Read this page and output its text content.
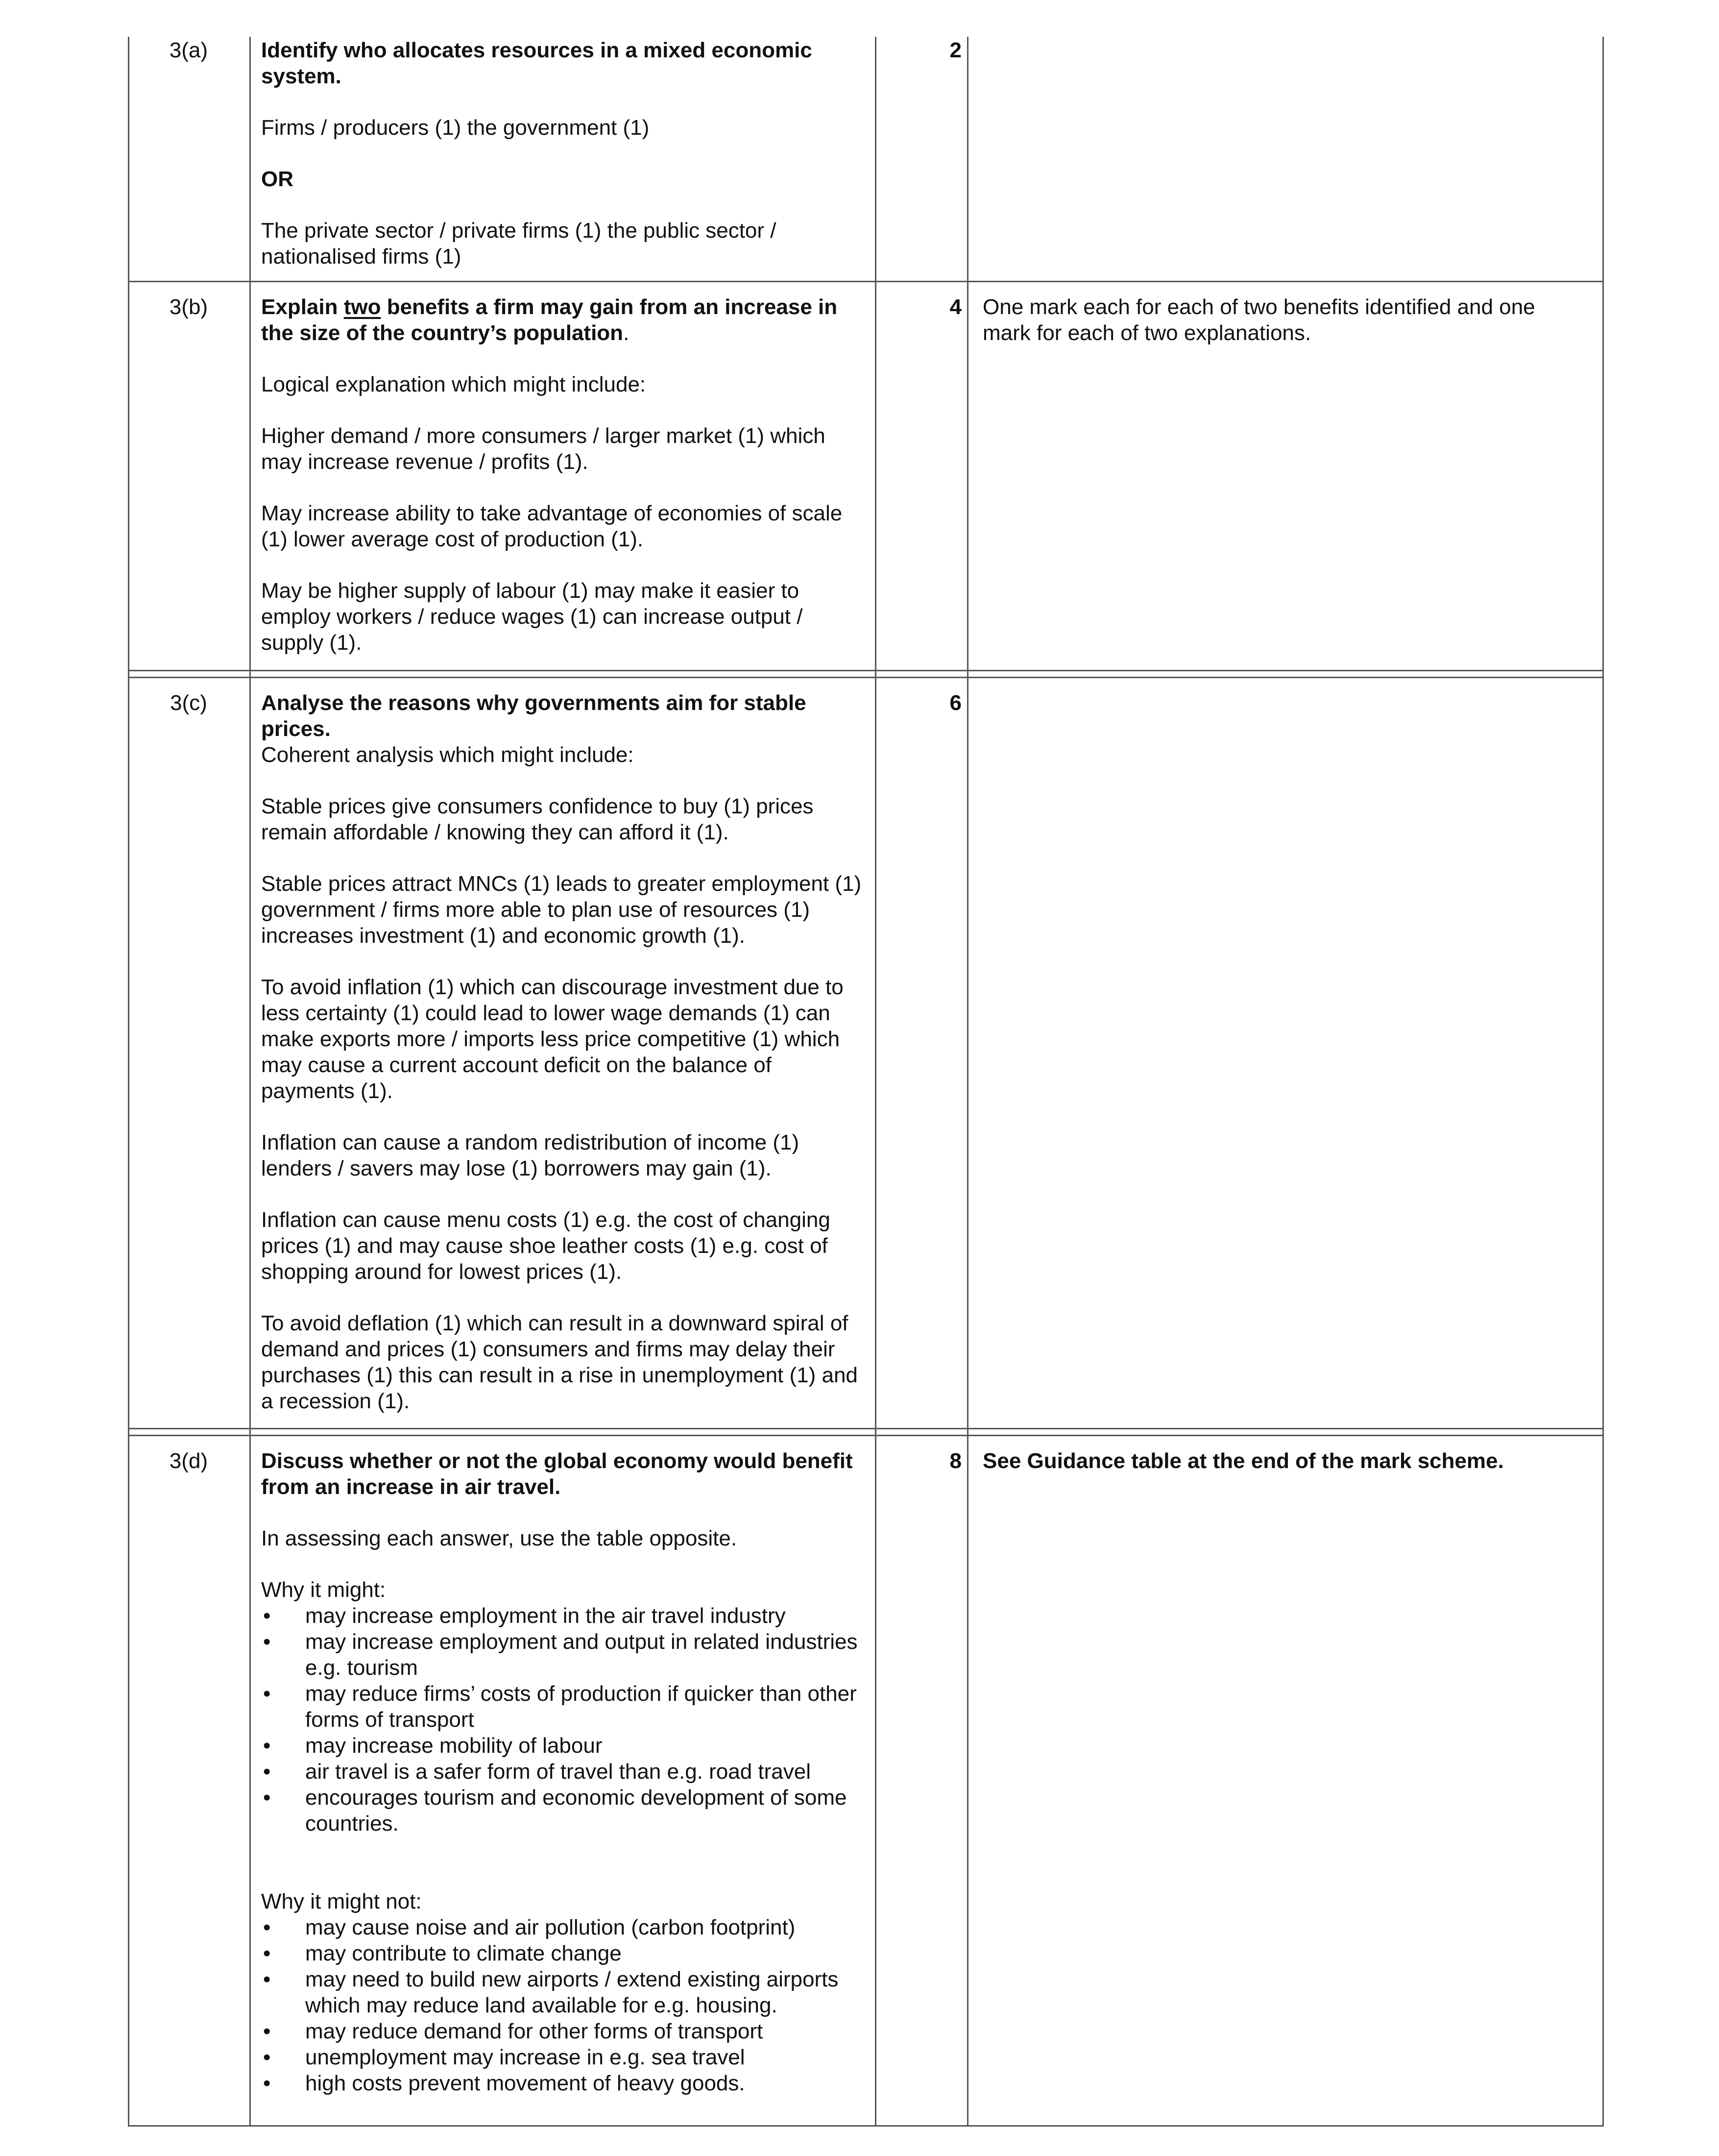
3(a)	Identify who allocates resources in a mixed economic system.

Firms / producers (1) the government (1)

OR

The private sector / private firms (1) the public sector / nationalised firms (1)

2
3(b)	Explain two benefits a firm may gain from an increase in the size of the country’s population.

Logical explanation which might include:

Higher demand / more consumers / larger market (1) which may increase revenue / profits (1).

May increase ability to take advantage of economies of scale (1) lower average cost of production (1).

May be higher supply of labour (1) may make it easier to employ workers / reduce wages (1) can increase output / supply (1).

4 One mark each for each of two benefits identified and one mark for each of two explanations.
3(c)	Analyse the reasons why governments aim for stable prices.

Coherent analysis which might include:

Stable prices give consumers confidence to buy (1) prices remain affordable / knowing they can afford it (1).

Stable prices attract MNCs (1) leads to greater employment (1) government / firms more able to plan use of resources (1) increases investment (1) and economic growth (1).

To avoid inflation (1) which can discourage investment due to less certainty (1) could lead to lower wage demands (1) can make exports more / imports less price competitive (1) which may cause a current account deficit on the balance of payments (1).

Inflation can cause a random redistribution of income (1) lenders / savers may lose (1) borrowers may gain (1).

Inflation can cause menu costs (1) e.g. the cost of changing prices (1) and may cause shoe leather costs (1) e.g. cost of shopping around for lowest prices (1).

To avoid deflation (1) which can result in a downward spiral of demand and prices (1) consumers and firms may delay their purchases (1) this can result in a rise in unemployment (1) and a recession (1).

6
3(d)	Discuss whether or not the global economy would benefit from an increase in air travel.

In assessing each answer, use the table opposite.

Why it might:
• may increase employment in the air travel industry
• may increase employment and output in related industries e.g. tourism
• may reduce firms’ costs of production if quicker than other forms of transport
• may increase mobility of labour
• air travel is a safer form of travel than e.g. road travel
• encourages tourism and economic development of some countries.
Why it might not:
• may cause noise and air pollution (carbon footprint)
• may contribute to climate change
• may need to build new airports / extend existing airports which may reduce land available for e.g. housing.
• may reduce demand for other forms of transport
• unemployment may increase in e.g. sea travel
• high costs prevent movement of heavy goods.
8 See Guidance table at the end of the mark scheme.
